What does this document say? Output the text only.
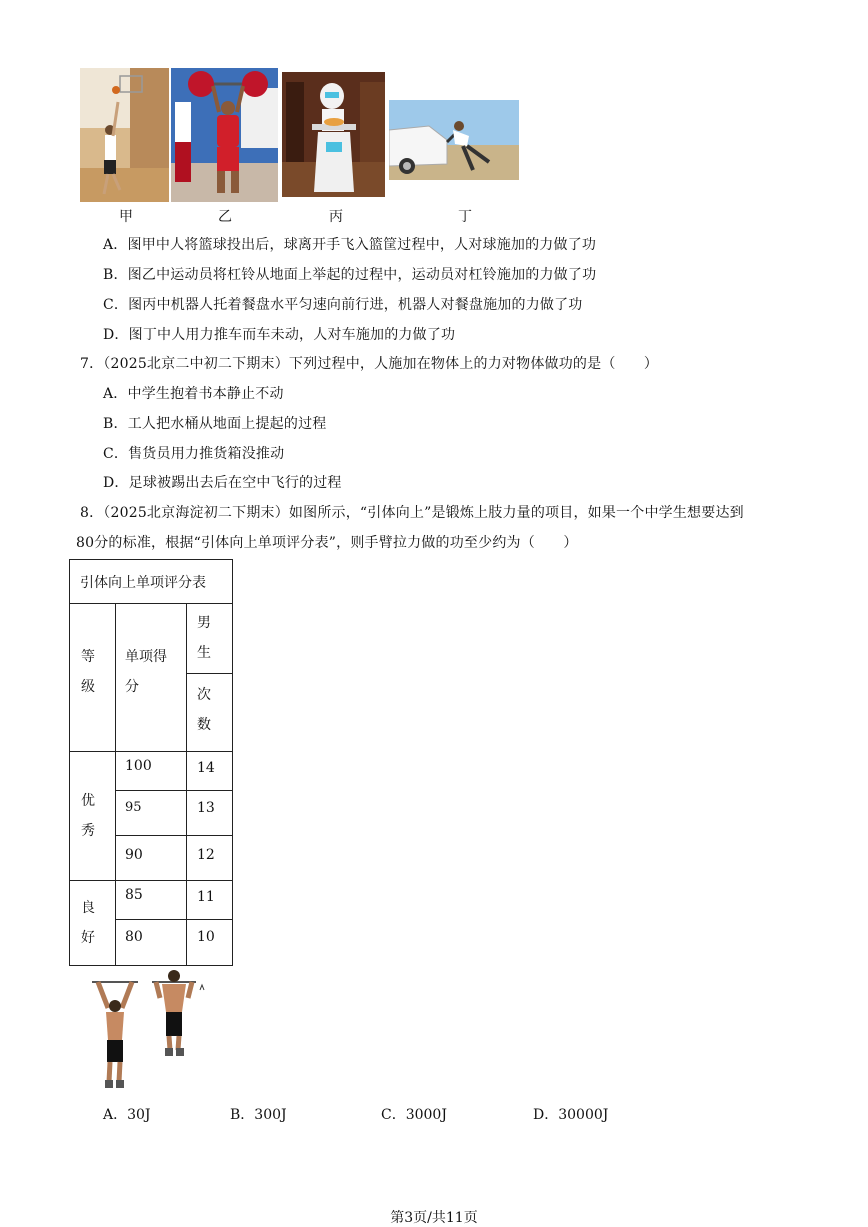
甲	乙	丙	丁
A．图甲中人将篮球投出后，球离开手飞入篮筐过程中，人对球施加的力做了功
B．图乙中运动员将杠铃从地面上举起的过程中，运动员对杠铃施加的力做了功
C．图丙中机器人托着餐盘水平匀速向前行进，机器人对餐盘施加的力做了功
D．图丁中人用力推车而车未动，人对车施加的力做了功
7．（2025北京二中初二下期末）下列过程中，人施加在物体上的力对物体做功的是（　　）
A．中学生抱着书本静止不动
B．工人把水桶从地面上提起的过程
C．售货员用力推货箱没推动
D．足球被踢出去后在空中飞行的过程
8．（2025北京海淀初二下期末）如图所示，“引体向上”是锻炼上肢力量的项目，如果一个中学生想要达到
80分的标准，根据“引体向上单项评分表”，则手臂拉力做的功至少约为（　　）
引体向上单项评分表		

等级	单项得分	男生

		次数

优秀	100	14

	95	13

	90	12

良好	85	11

	80	10
A．30J	B．300J	C．3000J	D．30000J
第3页/共11页
